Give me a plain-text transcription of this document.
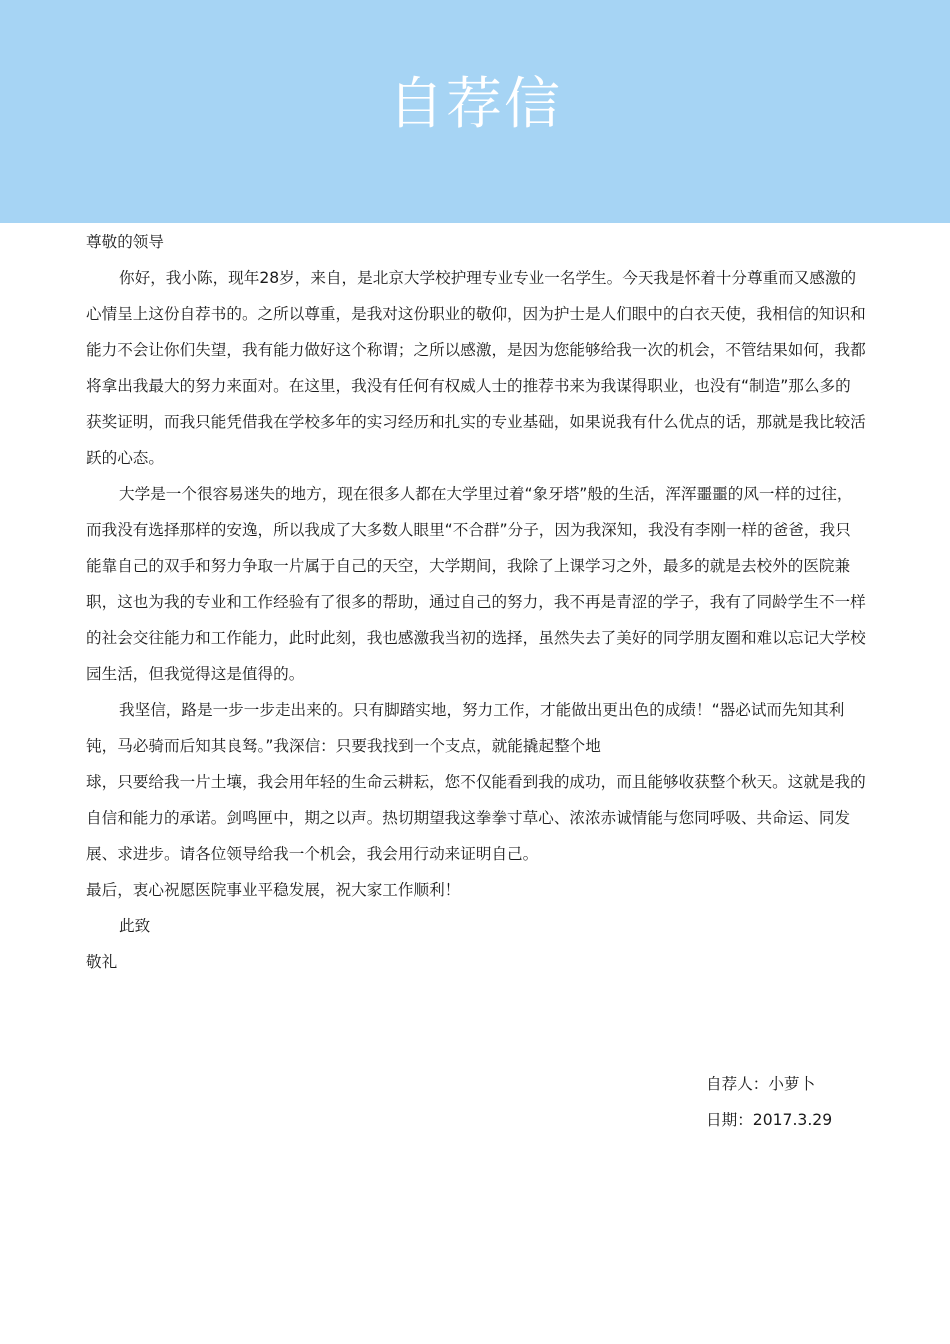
自荐信

尊敬的领导

你好，我小陈，现年28岁，来自，是北京大学校护理专业专业一名学生。今天我是怀着十分尊重而又感激的心情呈上这份自荐书的。之所以尊重，是我对这份职业的敬仰，因为护士是人们眼中的白衣天使，我相信的知识和能力不会让你们失望，我有能力做好这个称谓；之所以感激，是因为您能够给我一次的机会，不管结果如何，我都将拿出我最大的努力来面对。在这里，我没有任何有权威人士的推荐书来为我谋得职业，也没有“制造”那么多的获奖证明，而我只能凭借我在学校多年的实习经历和扎实的专业基础，如果说我有什么优点的话，那就是我比较活跃的心态。

大学是一个很容易迷失的地方，现在很多人都在大学里过着“象牙塔”般的生活，浑浑噩噩的风一样的过往，而我没有选择那样的安逸，所以我成了大多数人眼里“不合群”分子，因为我深知，我没有李刚一样的爸爸，我只能靠自己的双手和努力争取一片属于自己的天空，大学期间，我除了上课学习之外，最多的就是去校外的医院兼职，这也为我的专业和工作经验有了很多的帮助，通过自己的努力，我不再是青涩的学子，我有了同龄学生不一样的社会交往能力和工作能力，此时此刻，我也感激我当初的选择，虽然失去了美好的同学朋友圈和难以忘记大学校园生活，但我觉得这是值得的。

我坚信，路是一步一步走出来的。只有脚踏实地，努力工作，才能做出更出色的成绩！“器必试而先知其利钝，马必骑而后知其良驽。”我深信：只要我找到一个支点，就能撬起整个地

球，只要给我一片土壤，我会用年轻的生命云耕耘，您不仅能看到我的成功，而且能够收获整个秋天。这就是我的自信和能力的承诺。剑鸣匣中，期之以声。热切期望我这拳拳寸草心、浓浓赤诚情能与您同呼吸、共命运、同发展、求进步。请各位领导给我一个机会，我会用行动来证明自己。

最后，衷心祝愿医院事业平稳发展，祝大家工作顺利！

此致

敬礼

自荐人：小萝卜
日期：2017.3.29
